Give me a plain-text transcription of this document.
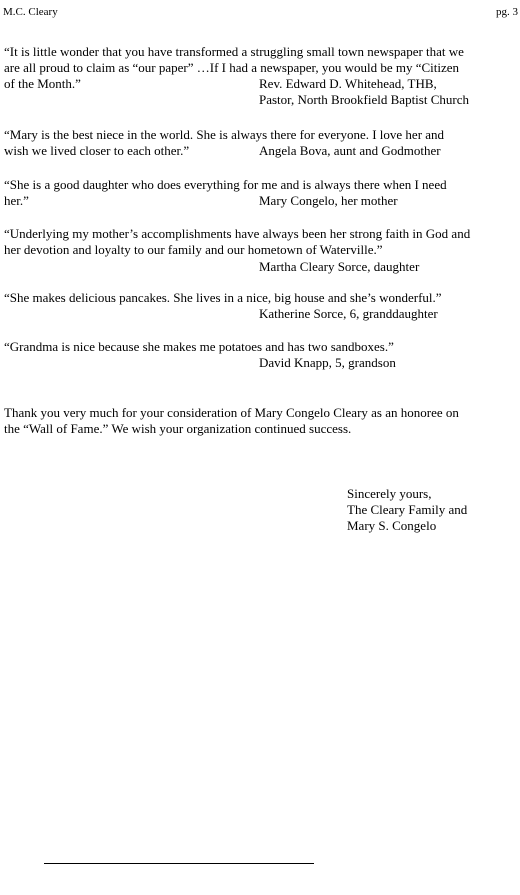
M.C. Cleary	pg. 3
“It is little wonder that you have transformed a struggling small town newspaper that we
are all proud to claim as “our paper” …If I had a newspaper, you would be my “Citizen
of the Month.”	Rev. Edward D. Whitehead, THB,
Pastor, North Brookfield Baptist Church
“Mary is the best niece in the world. She is always there for everyone. I love her and
wish we lived closer to each other.”	Angela Bova, aunt and Godmother
“She is a good daughter who does everything for me and is always there when I need
her.”	Mary Congelo, her mother
“Underlying my mother’s accomplishments have always been her strong faith in God and
her devotion and loyalty to our family and our hometown of Waterville.”
Martha Cleary Sorce, daughter
“She makes delicious pancakes. She lives in a nice, big house and she’s wonderful.”
Katherine Sorce, 6, granddaughter
“Grandma is nice because she makes me potatoes and has two sandboxes.”
David Knapp, 5, grandson
Thank you very much for your consideration of Mary Congelo Cleary as an honoree on
the “Wall of Fame.” We wish your organization continued success.
Sincerely yours,
The Cleary Family and
Mary S. Congelo
